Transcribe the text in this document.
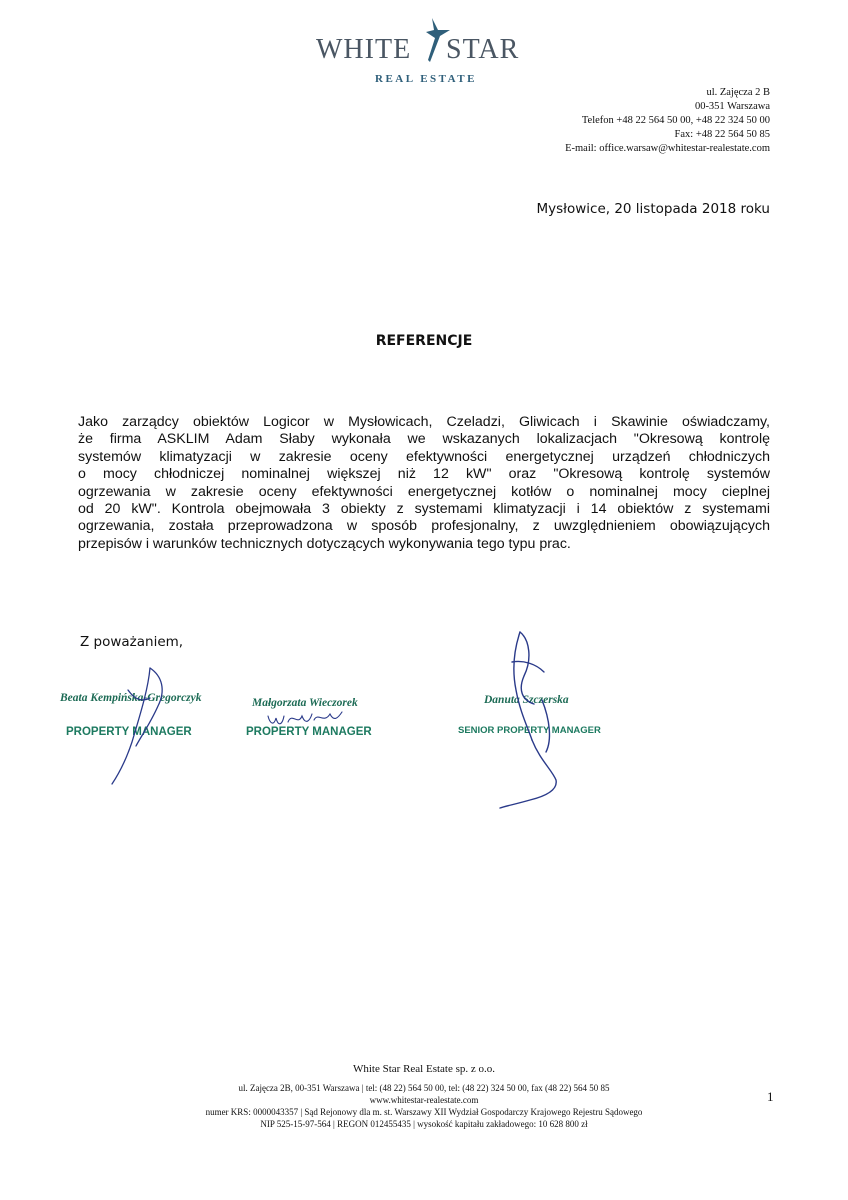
WHITE STAR
REAL ESTATE
ul. Zajęcza 2 B
00-351 Warszawa
Telefon +48 22 564 50 00, +48 22 324 50 00
Fax: +48 22 564 50 85
E-mail: office.warsaw@whitestar-realestate.com
Mysłowice, 20 listopada 2018 roku
REFERENCJE
Jako zarządcy obiektów Logicor w Mysłowicach, Czeladzi, Gliwicach i Skawinie oświadczamy,
że firma ASKLIM Adam Słaby wykonała we wskazanych lokalizacjach "Okresową kontrolę
systemów klimatyzacji w zakresie oceny efektywności energetycznej urządzeń chłodniczych
o mocy chłodniczej nominalnej większej niż 12 kW" oraz "Okresową kontrolę systemów
ogrzewania w zakresie oceny efektywności energetycznej kotłów o nominalnej mocy cieplnej
od 20 kW". Kontrola obejmowała 3 obiekty z systemami klimatyzacji i 14 obiektów z systemami
ogrzewania, została przeprowadzona w sposób profesjonalny, z uwzględnieniem obowiązujących
przepisów i warunków technicznych dotyczących wykonywania tego typu prac.
Z poważaniem,
Beata Kempińska-Gregorczyk
PROPERTY MANAGER
Małgorzata Wieczorek
PROPERTY MANAGER
Danuta Szczerska
SENIOR PROPERTY MANAGER
White Star Real Estate sp. z o.o.
ul. Zajęcza 2B, 00-351 Warszawa | tel: (48 22) 564 50 00, tel: (48 22) 324 50 00, fax (48 22) 564 50 85
www.whitestar-realestate.com
numer KRS: 0000043357 | Sąd Rejonowy dla m. st. Warszawy XII Wydział Gospodarczy Krajowego Rejestru Sądowego
NIP 525-15-97-564 | REGON 012455435 | wysokość kapitału zakładowego: 10 628 800 zł
1
